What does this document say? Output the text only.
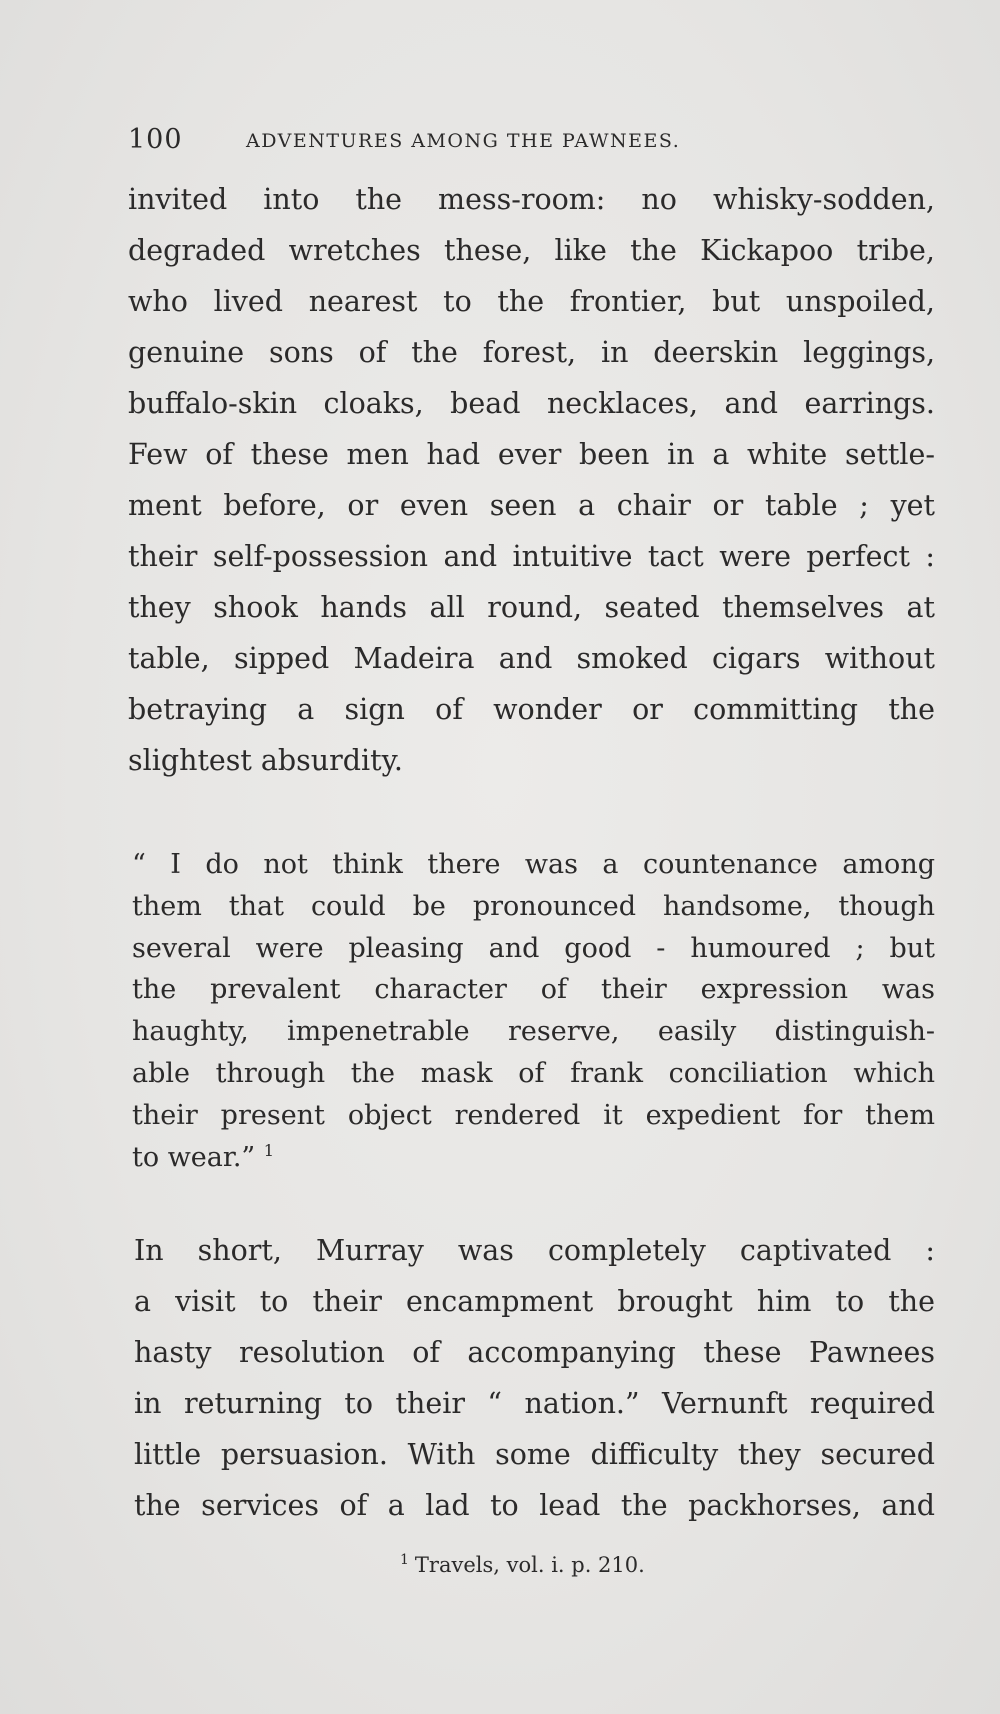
100	ADVENTURES AMONG THE PAWNEES.
invited into the mess-room: no whisky-sodden,
degraded wretches these, like the Kickapoo tribe,
who lived nearest to the frontier, but unspoiled,
genuine sons of the forest, in deerskin leggings,
buffalo-skin cloaks, bead necklaces, and earrings.
Few of these men had ever been in a white settle-
ment before, or even seen a chair or table ; yet
their self-possession and intuitive tact were perfect :
they shook hands all round, seated themselves at
table, sipped Madeira and smoked cigars without
betraying a sign of wonder or committing the
slightest absurdity.
“ I do not think there was a countenance among
them that could be pronounced handsome, though
several were pleasing and good - humoured ; but
the prevalent character of their expression was
haughty, impenetrable reserve, easily distinguish-
able through the mask of frank conciliation which
their present object rendered it expedient for them
to wear.” $^1$
In short, Murray was completely captivated :
a visit to their encampment brought him to the
hasty resolution of accompanying these Pawnees
in returning to their “ nation.” Vernunft required
little persuasion. With some difficulty they secured
the services of a lad to lead the packhorses, and
$^1$ Travels, vol. i. p. 210.
